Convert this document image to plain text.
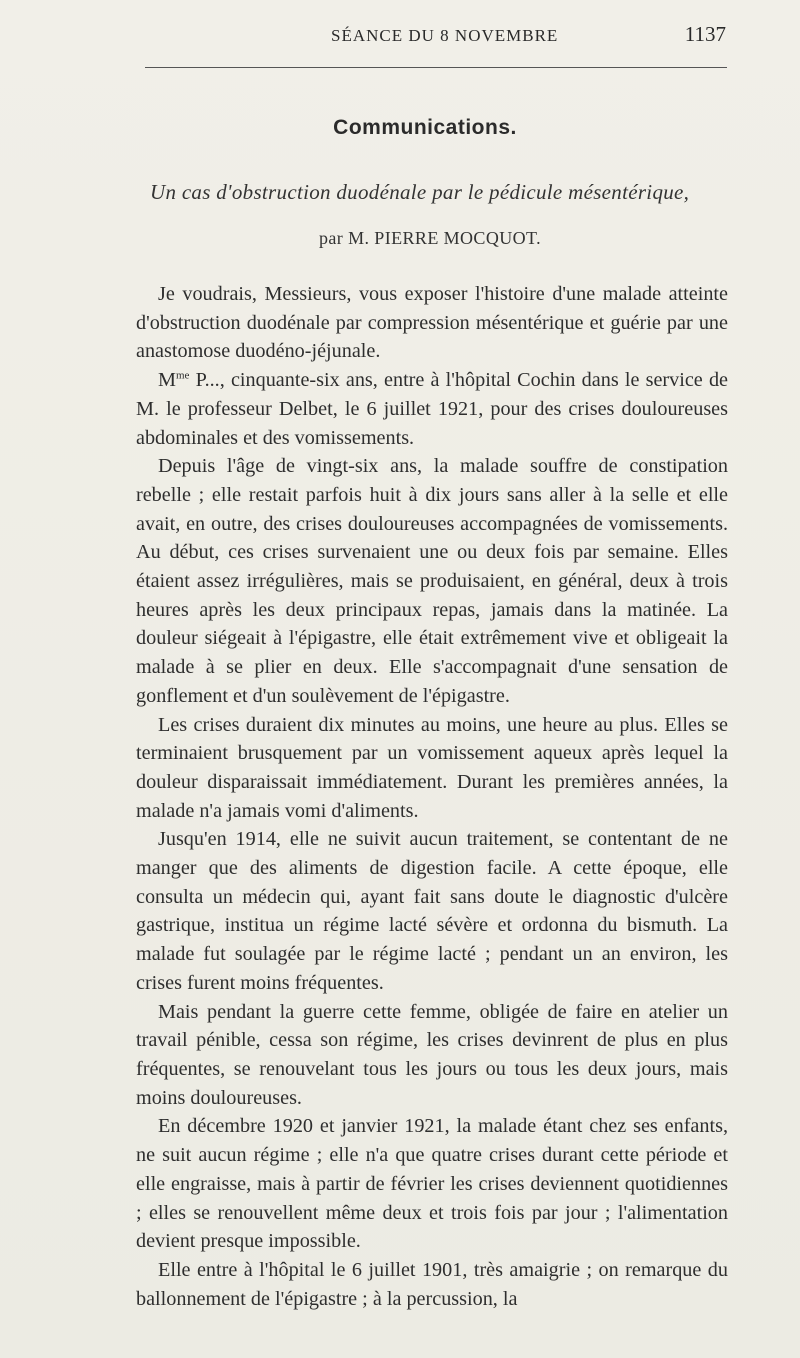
SÉANCE DU 8 NOVEMBRE	1137
Communications.
Un cas d'obstruction duodénale par le pédicule mésentérique,
par M. PIERRE MOCQUOT.

Je voudrais, Messieurs, vous exposer l'histoire d'une malade atteinte d'obstruction duodénale par compression mésentérique et guérie par une anastomose duodéno-jéjunale.

$M^{me}$ P..., cinquante-six ans, entre à l'hôpital Cochin dans le service de M. le professeur Delbet, le 6 juillet 1921, pour des crises douloureuses abdominales et des vomissements.

Depuis l'âge de vingt-six ans, la malade souffre de constipation rebelle ; elle restait parfois huit à dix jours sans aller à la selle et elle avait, en outre, des crises douloureuses accompagnées de vomissements. Au début, ces crises survenaient une ou deux fois par semaine. Elles étaient assez irrégulières, mais se produisaient, en général, deux à trois heures après les deux principaux repas, jamais dans la matinée. La douleur siégeait à l'épigastre, elle était extrêmement vive et obligeait la malade à se plier en deux. Elle s'accompagnait d'une sensation de gonflement et d'un soulèvement de l'épigastre.

Les crises duraient dix minutes au moins, une heure au plus. Elles se terminaient brusquement par un vomissement aqueux après lequel la douleur disparaissait immédiatement. Durant les premières années, la malade n'a jamais vomi d'aliments.

Jusqu'en 1914, elle ne suivit aucun traitement, se contentant de ne manger que des aliments de digestion facile. A cette époque, elle consulta un médecin qui, ayant fait sans doute le diagnostic d'ulcère gastrique, institua un régime lacté sévère et ordonna du bismuth. La malade fut soulagée par le régime lacté ; pendant un an environ, les crises furent moins fréquentes.

Mais pendant la guerre cette femme, obligée de faire en atelier un travail pénible, cessa son régime, les crises devinrent de plus en plus fréquentes, se renouvelant tous les jours ou tous les deux jours, mais moins douloureuses.

En décembre 1920 et janvier 1921, la malade étant chez ses enfants, ne suit aucun régime ; elle n'a que quatre crises durant cette période et elle engraisse, mais à partir de février les crises deviennent quotidiennes ; elles se renouvellent même deux et trois fois par jour ; l'alimentation devient presque impossible.

Elle entre à l'hôpital le 6 juillet 1901, très amaigrie ; on remarque du ballonnement de l'épigastre ; à la percussion, la
